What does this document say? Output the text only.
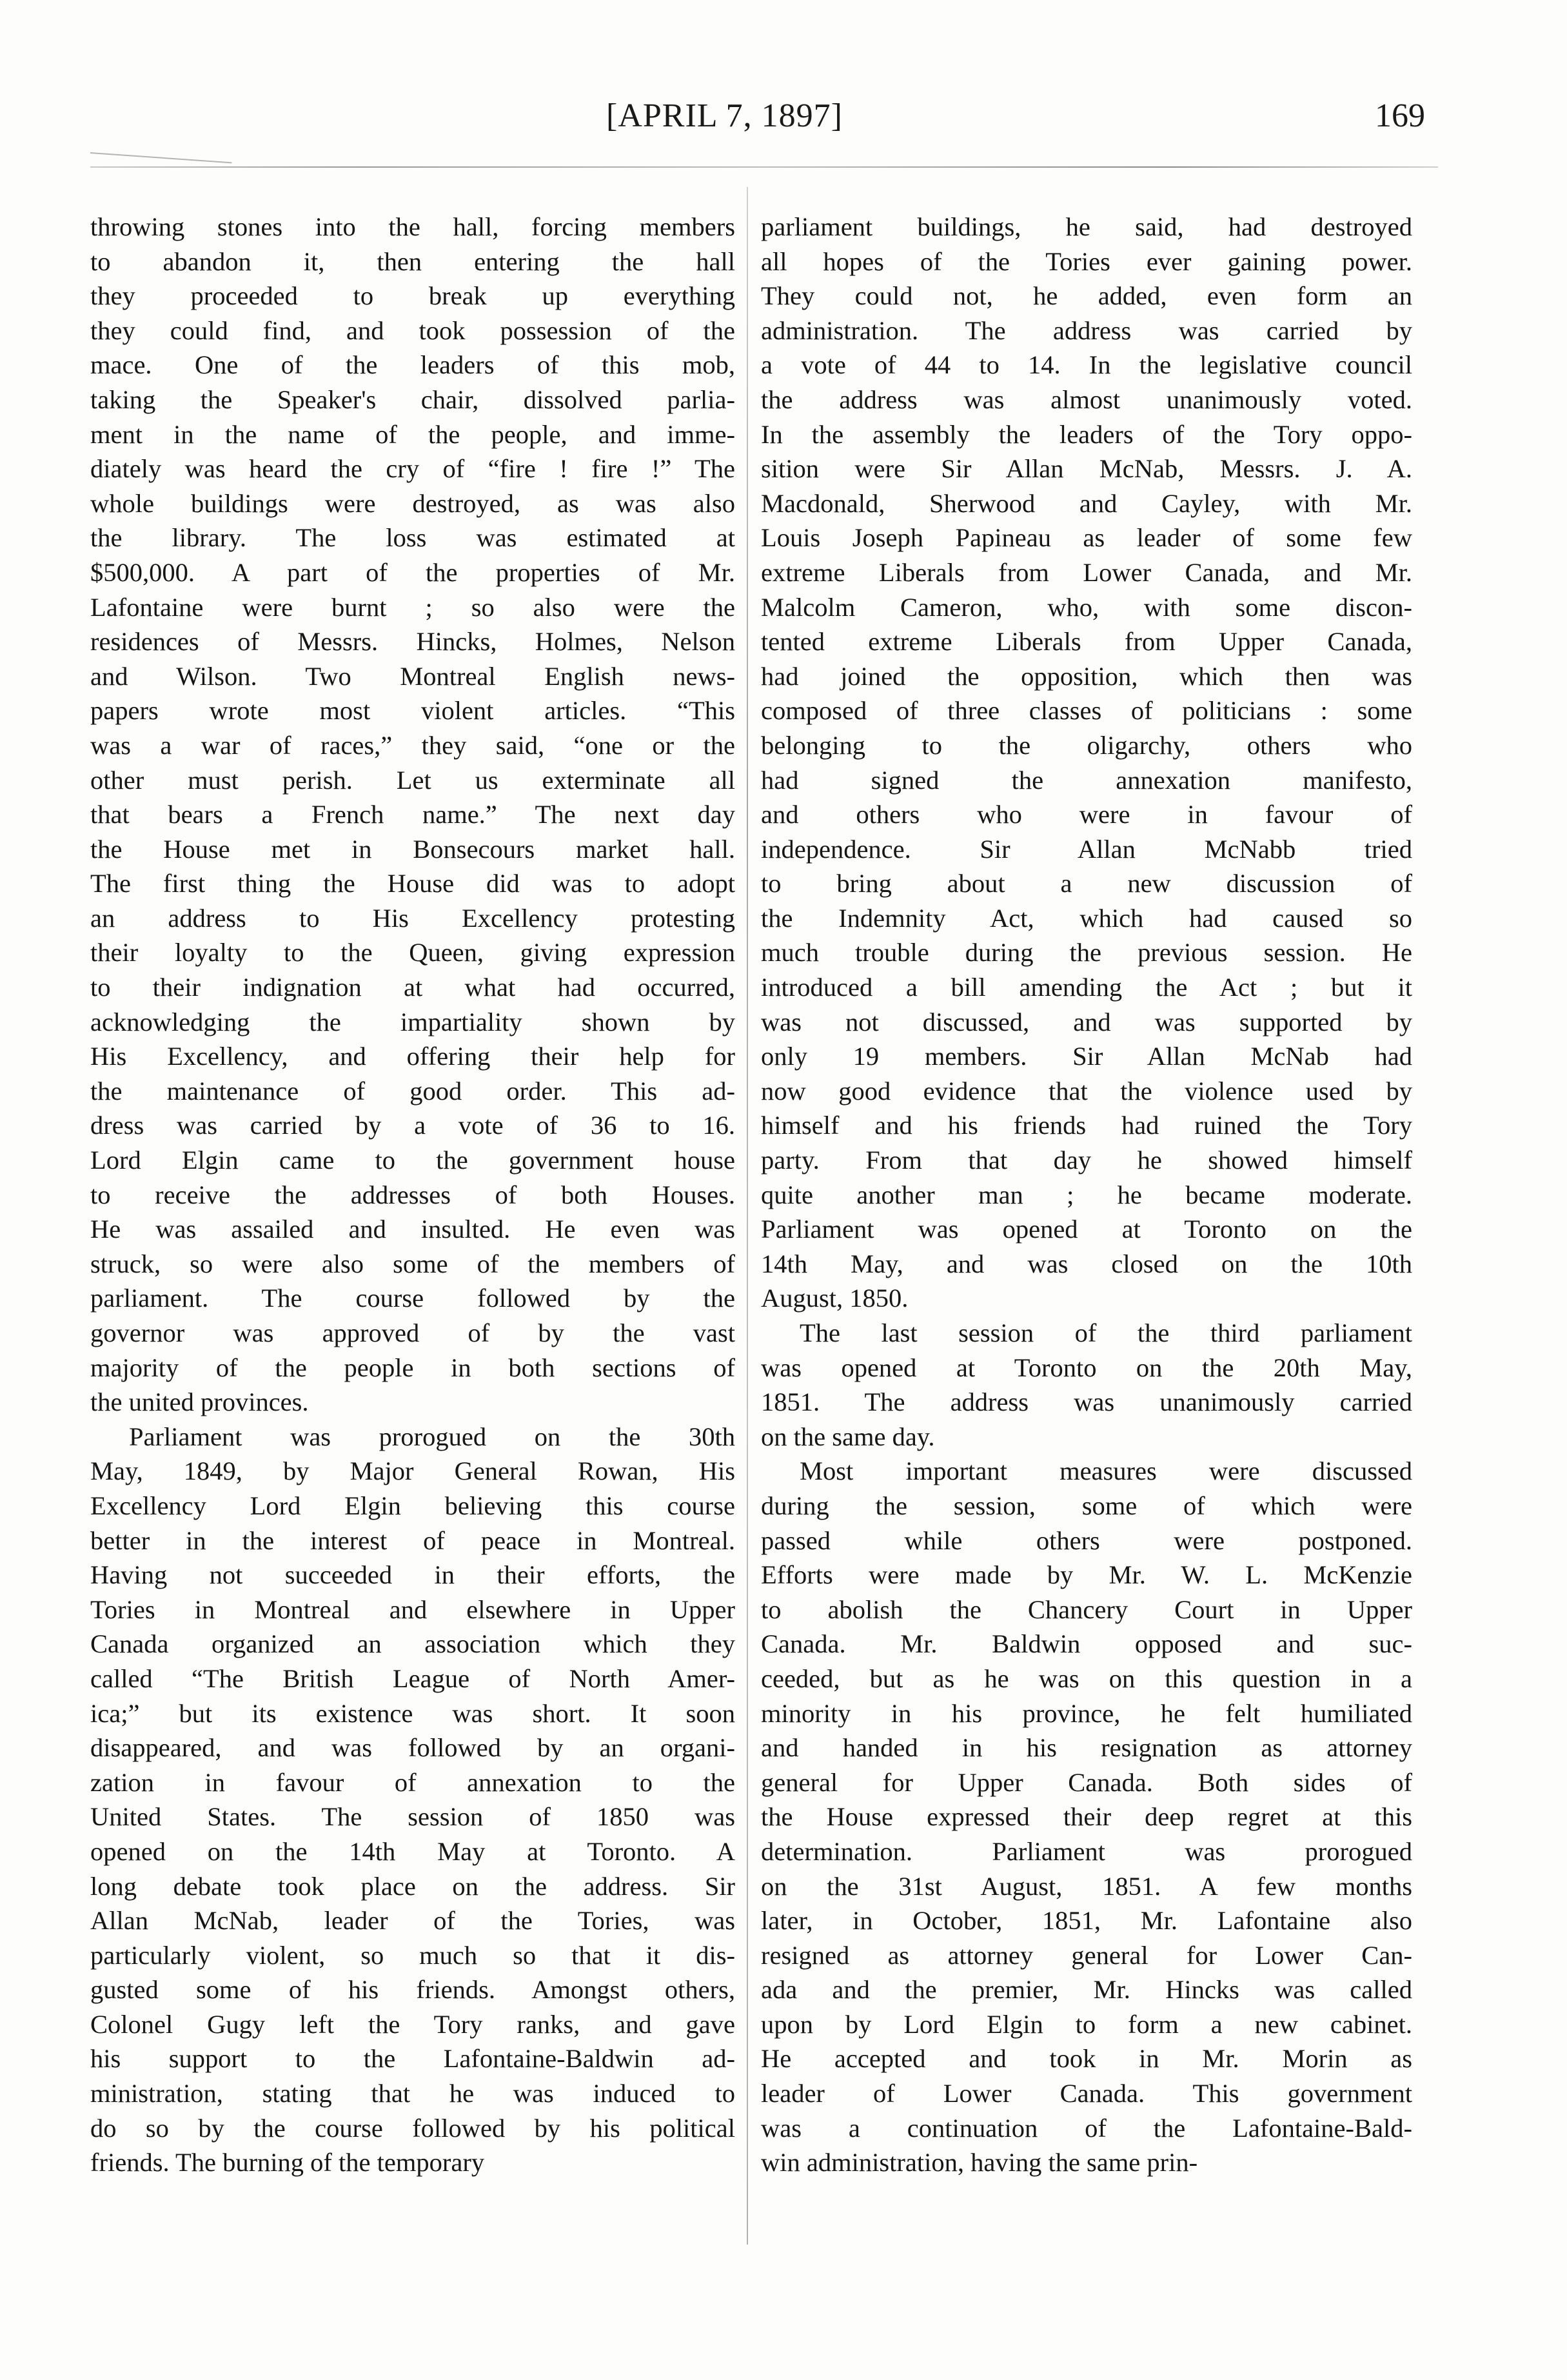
[APRIL 7, 1897]	169
throwing stones into the hall, forcing members
to abandon it, then entering the hall
they proceeded to break up everything
they could find, and took possession of the
mace. One of the leaders of this mob,
taking the Speaker's chair, dissolved parlia-
ment in the name of the people, and imme-
diately was heard the cry of “fire ! fire !” The
whole buildings were destroyed, as was also
the library. The loss was estimated at
$500,000. A part of the properties of Mr.
Lafontaine were burnt ; so also were the
residences of Messrs. Hincks, Holmes, Nelson
and Wilson. Two Montreal English news-
papers wrote most violent articles. “This
was a war of races,” they said, “one or the
other must perish. Let us exterminate all
that bears a French name.” The next day
the House met in Bonsecours market hall.
The first thing the House did was to adopt
an address to His Excellency protesting
their loyalty to the Queen, giving expression
to their indignation at what had occurred,
acknowledging the impartiality shown by
His Excellency, and offering their help for
the maintenance of good order. This ad-
dress was carried by a vote of 36 to 16.
Lord Elgin came to the government house
to receive the addresses of both Houses.
He was assailed and insulted. He even was
struck, so were also some of the members of
parliament. The course followed by the
governor was approved of by the vast
majority of the people in both sections of
the united provinces.
Parliament was prorogued on the 30th
May, 1849, by Major General Rowan, His
Excellency Lord Elgin believing this course
better in the interest of peace in Montreal.
Having not succeeded in their efforts, the
Tories in Montreal and elsewhere in Upper
Canada organized an association which they
called “The British League of North Amer-
ica;” but its existence was short. It soon
disappeared, and was followed by an organi-
zation in favour of annexation to the
United States. The session of 1850 was
opened on the 14th May at Toronto. A
long debate took place on the address. Sir
Allan McNab, leader of the Tories, was
particularly violent, so much so that it dis-
gusted some of his friends. Amongst others,
Colonel Gugy left the Tory ranks, and gave
his support to the Lafontaine-Baldwin ad-
ministration, stating that he was induced to
do so by the course followed by his political
friends. The burning of the temporary
parliament buildings, he said, had destroyed
all hopes of the Tories ever gaining power.
They could not, he added, even form an
administration. The address was carried by
a vote of 44 to 14. In the legislative council
the address was almost unanimously voted.
In the assembly the leaders of the Tory oppo-
sition were Sir Allan McNab, Messrs. J. A.
Macdonald, Sherwood and Cayley, with Mr.
Louis Joseph Papineau as leader of some few
extreme Liberals from Lower Canada, and Mr.
Malcolm Cameron, who, with some discon-
tented extreme Liberals from Upper Canada,
had joined the opposition, which then was
composed of three classes of politicians : some
belonging to the oligarchy, others who
had signed the annexation manifesto,
and others who were in favour of
independence. Sir Allan McNabb tried
to bring about a new discussion of
the Indemnity Act, which had caused so
much trouble during the previous session. He
introduced a bill amending the Act ; but it
was not discussed, and was supported by
only 19 members. Sir Allan McNab had
now good evidence that the violence used by
himself and his friends had ruined the Tory
party. From that day he showed himself
quite another man ; he became moderate.
Parliament was opened at Toronto on the
14th May, and was closed on the 10th
August, 1850.
The last session of the third parliament
was opened at Toronto on the 20th May,
1851. The address was unanimously carried
on the same day.
Most important measures were discussed
during the session, some of which were
passed while others were postponed.
Efforts were made by Mr. W. L. McKenzie
to abolish the Chancery Court in Upper
Canada. Mr. Baldwin opposed and suc-
ceeded, but as he was on this question in a
minority in his province, he felt humiliated
and handed in his resignation as attorney
general for Upper Canada. Both sides of
the House expressed their deep regret at this
determination. Parliament was prorogued
on the 31st August, 1851. A few months
later, in October, 1851, Mr. Lafontaine also
resigned as attorney general for Lower Can-
ada and the premier, Mr. Hincks was called
upon by Lord Elgin to form a new cabinet.
He accepted and took in Mr. Morin as
leader of Lower Canada. This government
was a continuation of the Lafontaine-Bald-
win administration, having the same prin-
